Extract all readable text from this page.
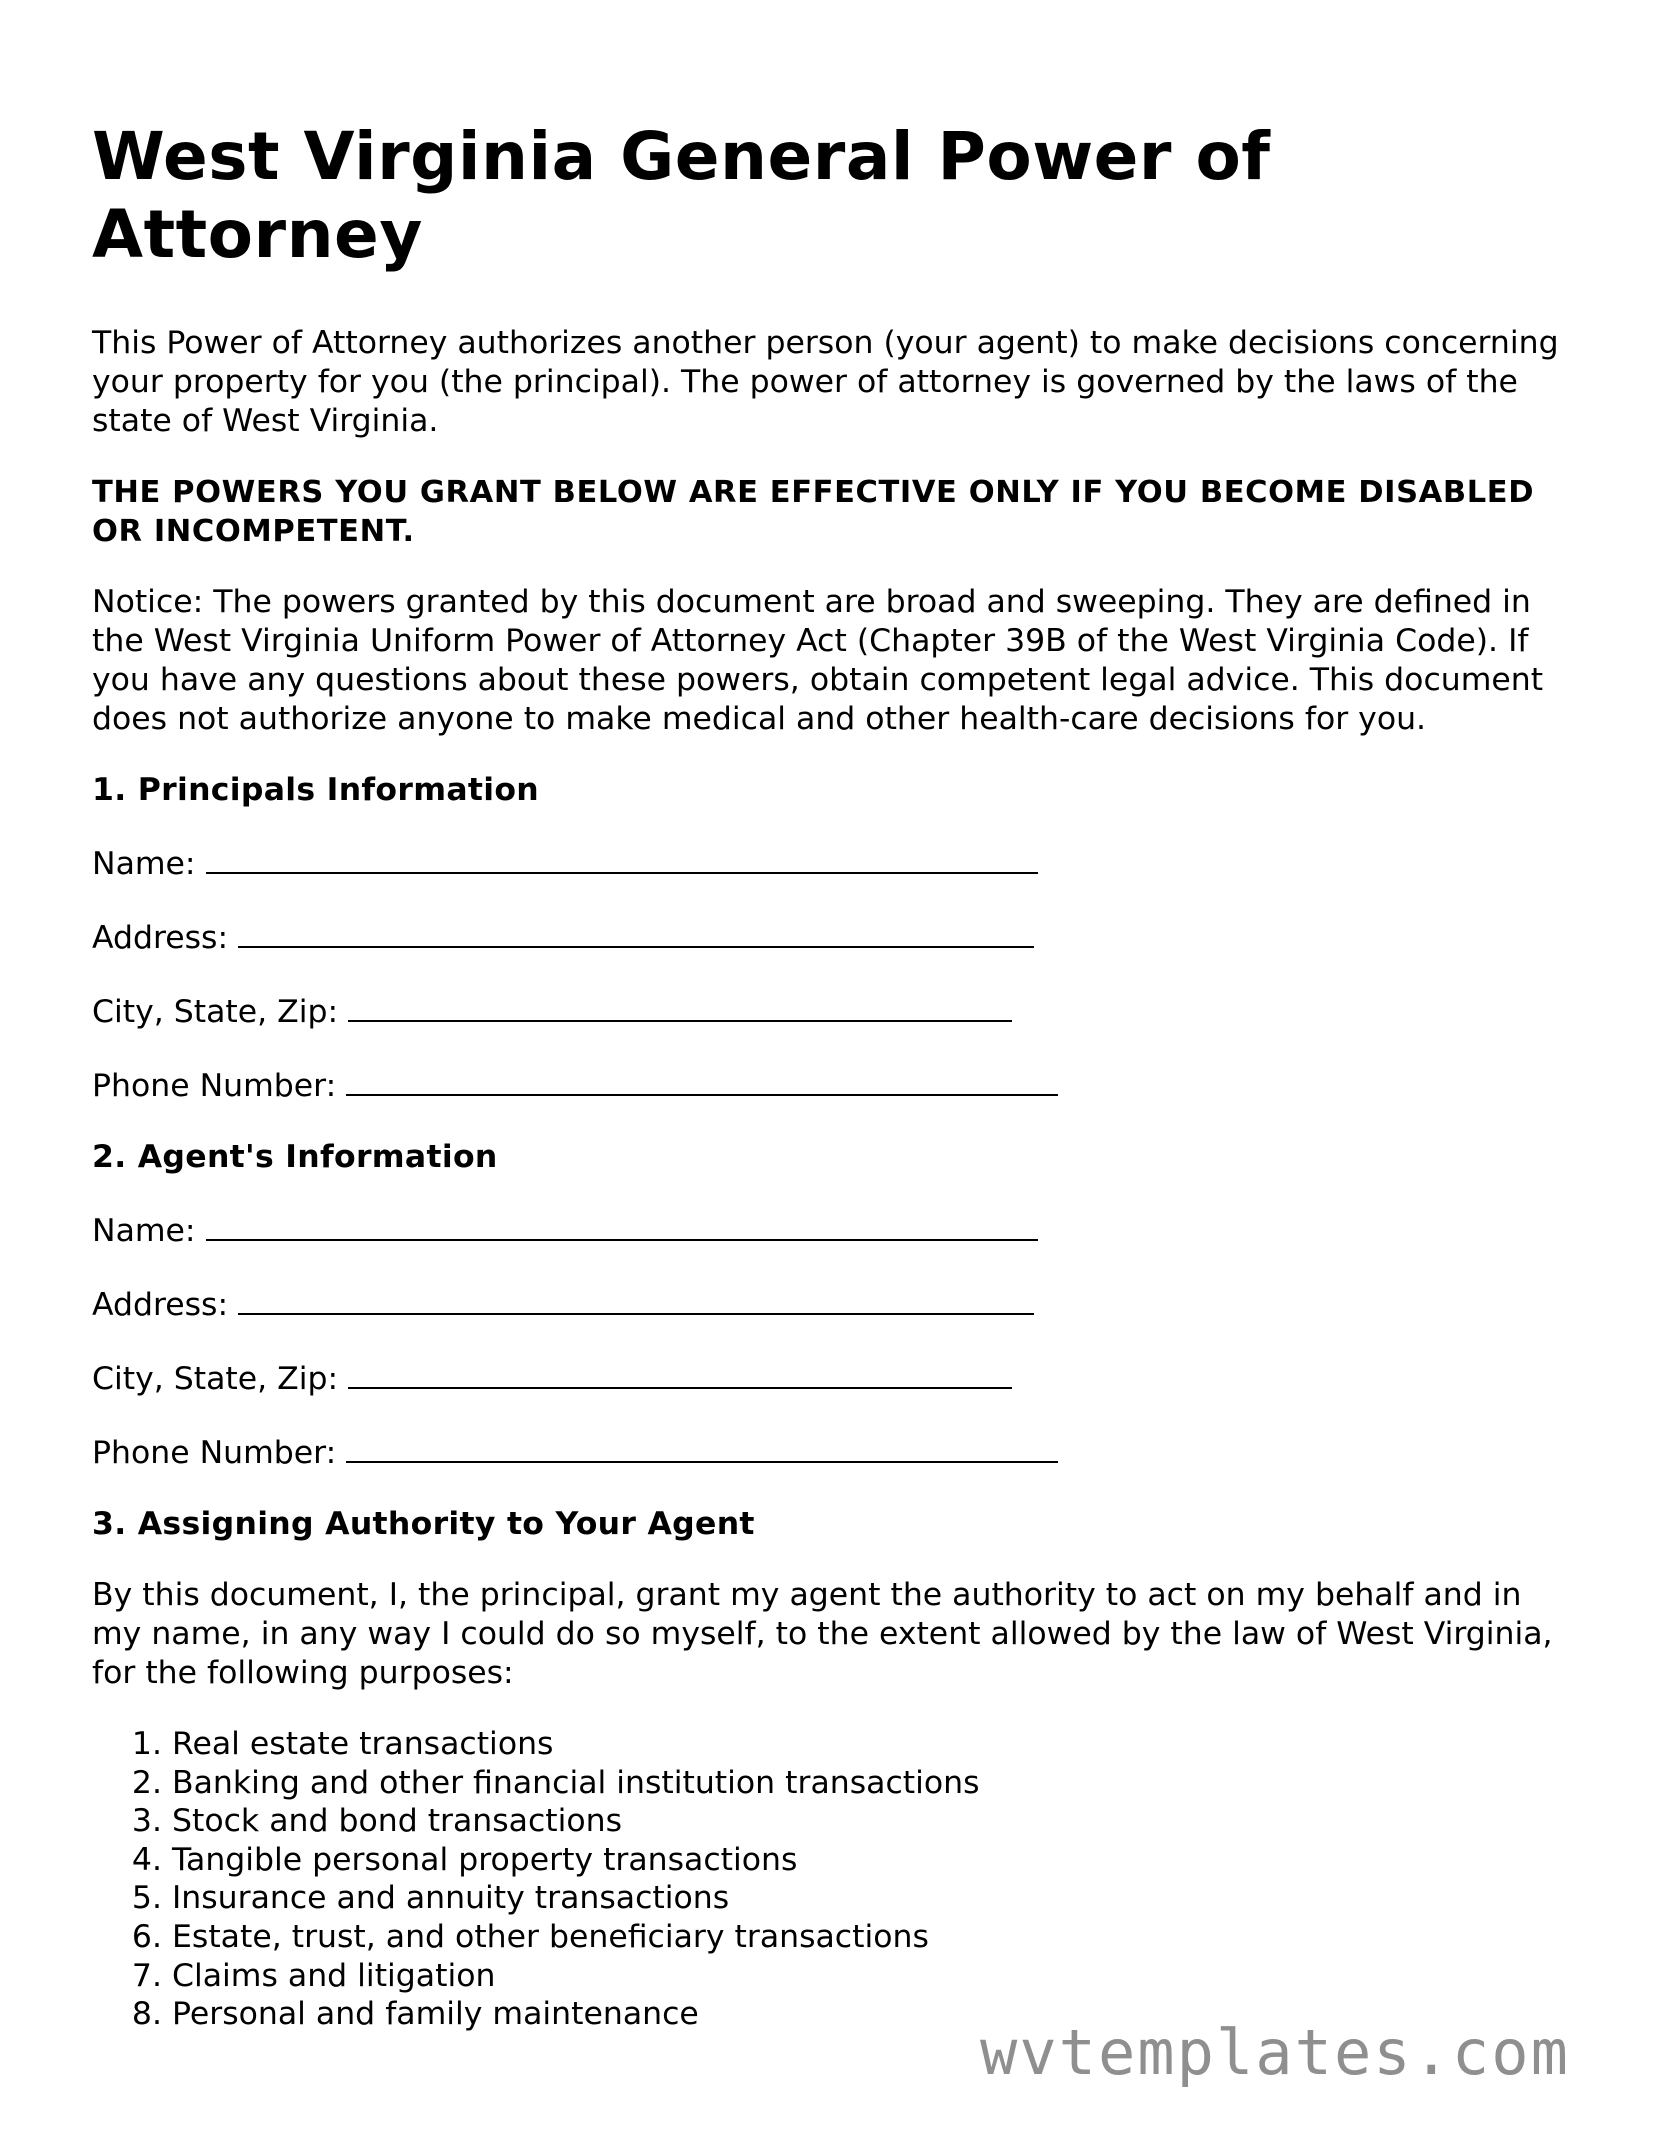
West Virginia General Power of Attorney

This Power of Attorney authorizes another person (your agent) to make decisions concerning your property for you (the principal). The power of attorney is governed by the laws of the state of West Virginia.

THE POWERS YOU GRANT BELOW ARE EFFECTIVE ONLY IF YOU BECOME DISABLED OR INCOMPETENT.

Notice: The powers granted by this document are broad and sweeping. They are defined in the West Virginia Uniform Power of Attorney Act (Chapter 39B of the West Virginia Code). If you have any questions about these powers, obtain competent legal advice. This document does not authorize anyone to make medical and other health-care decisions for you.

1. Principals Information
Name:
Address:
City, State, Zip:
Phone Number:
2. Agent's Information
Name:
Address:
City, State, Zip:
Phone Number:
3. Assigning Authority to Your Agent

By this document, I, the principal, grant my agent the authority to act on my behalf and in my name, in any way I could do so myself, to the extent allowed by the law of West Virginia, for the following purposes:

1. Real estate transactions
2. Banking and other financial institution transactions
3. Stock and bond transactions
4. Tangible personal property transactions
5. Insurance and annuity transactions
6. Estate, trust, and other beneficiary transactions
7. Claims and litigation
8. Personal and family maintenance
wvtemplates.com
